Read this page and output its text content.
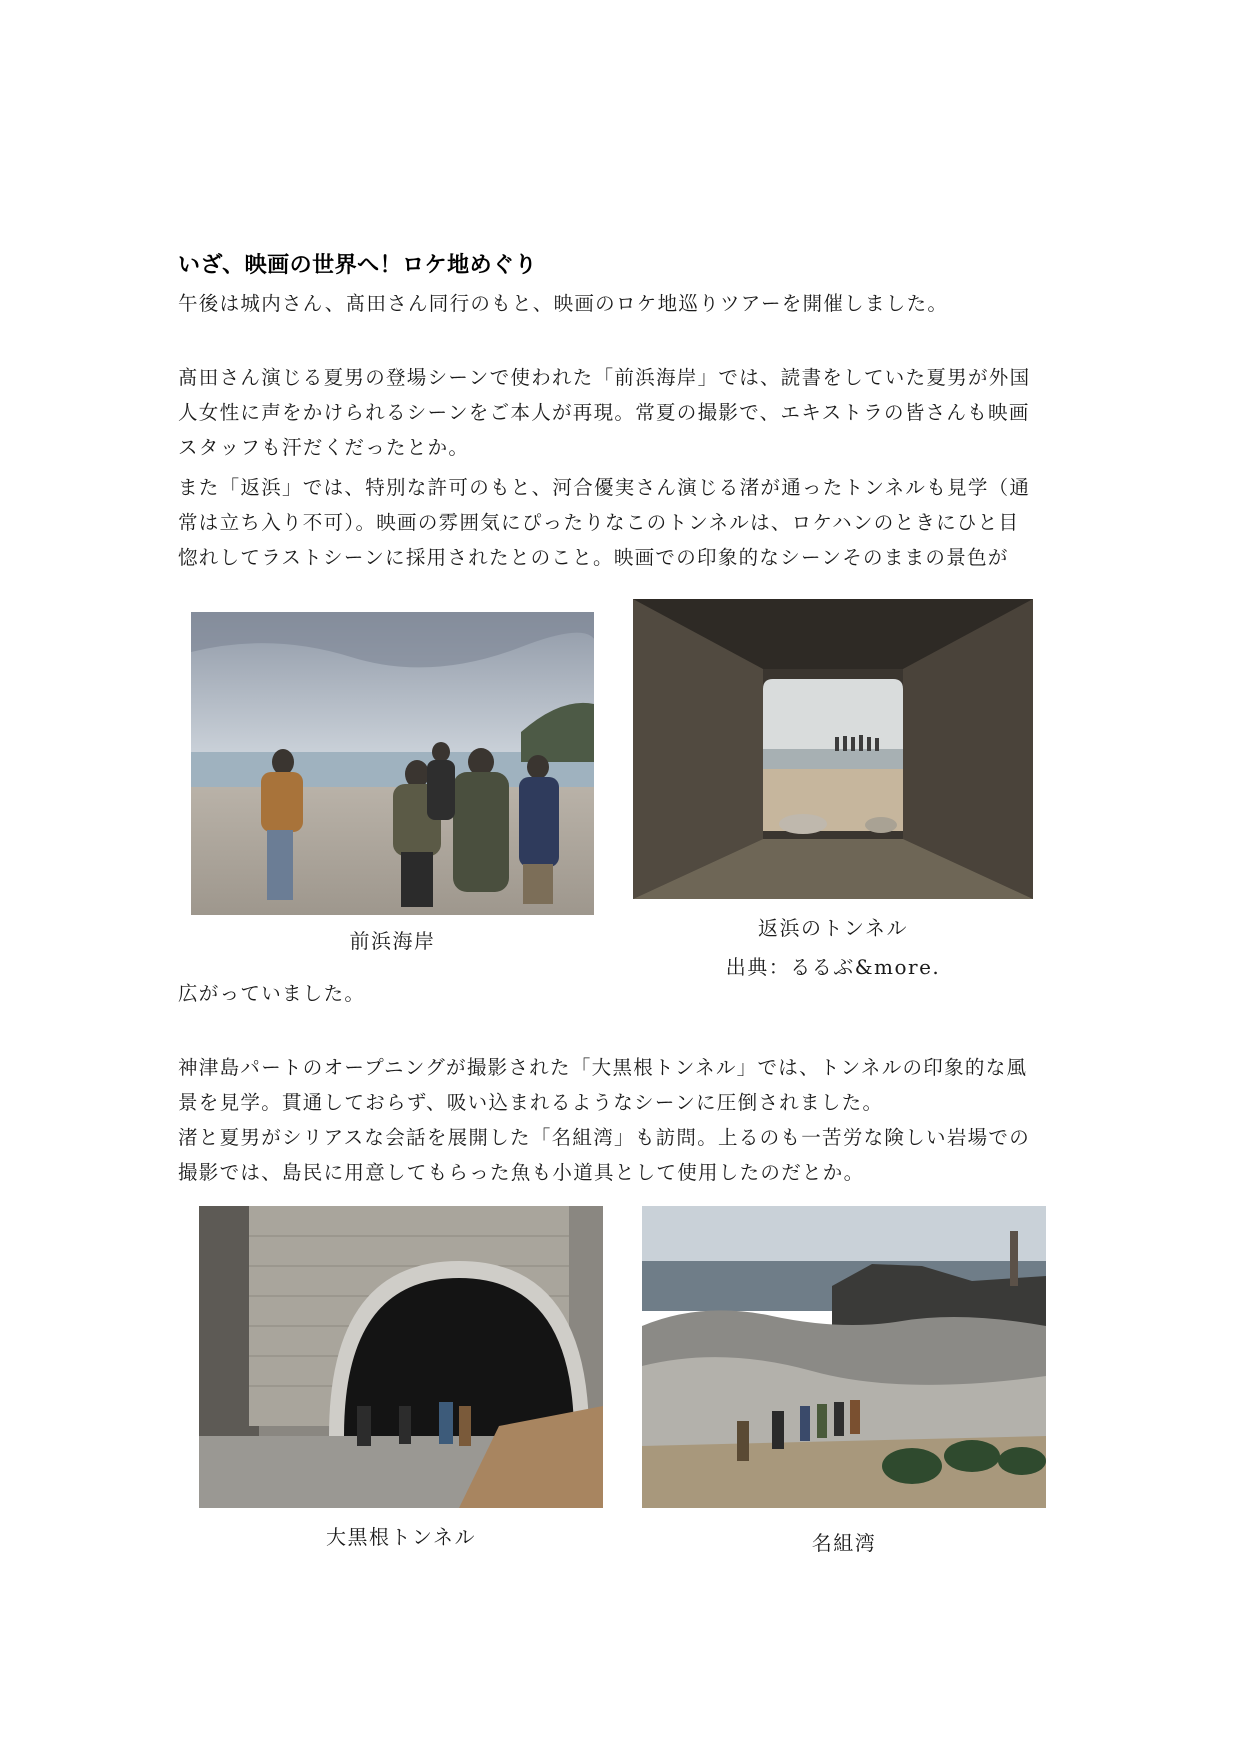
いざ、映画の世界へ！ロケ地めぐり

午後は城内さん、髙田さん同行のもと、映画のロケ地巡りツアーを開催しました。

髙田さん演じる夏男の登場シーンで使われた「前浜海岸」では、読書をしていた夏男が外国
人女性に声をかけられるシーンをご本人が再現。常夏の撮影で、エキストラの皆さんも映画
スタッフも汗だくだったとか。

また「返浜」では、特別な許可のもと、河合優実さん演じる渚が通ったトンネルも見学（通
常は立ち入り不可）。映画の雰囲気にぴったりなこのトンネルは、ロケハンのときにひと目
惚れしてラストシーンに採用されたとのこと。映画での印象的なシーンそのままの景色が

前浜海岸
返浜のトンネル
出典：るるぶ&more.

広がっていました。

神津島パートのオープニングが撮影された「大黒根トンネル」では、トンネルの印象的な風
景を見学。貫通しておらず、吸い込まれるようなシーンに圧倒されました。

渚と夏男がシリアスな会話を展開した「名組湾」も訪問。上るのも一苦労な険しい岩場での
撮影では、島民に用意してもらった魚も小道具として使用したのだとか。

大黒根トンネル	名組湾
